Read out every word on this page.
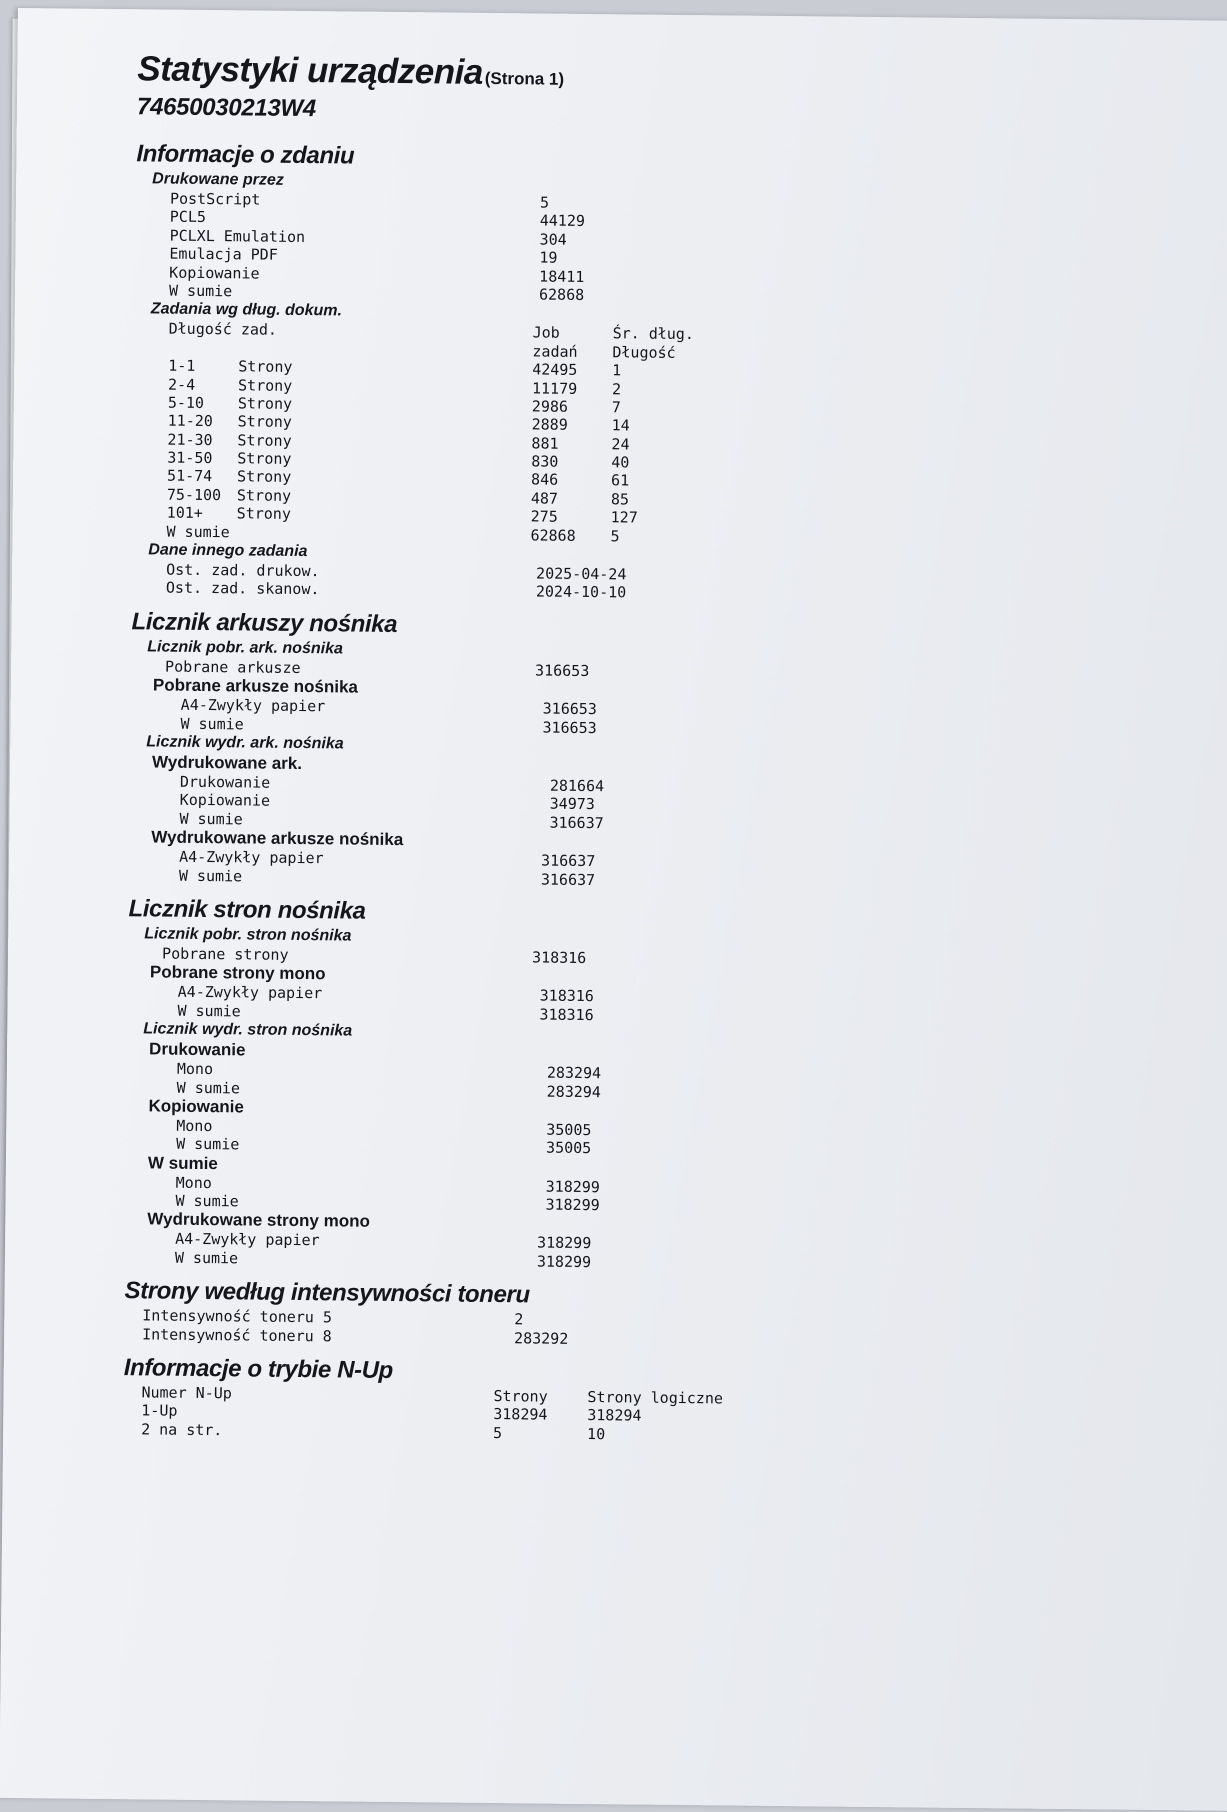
Statystyki urządzenia(Strona 1)
74650030213W4
Informacje o zdaniu
Drukowane przez
PostScript	5
PCL5	44129
PCLXL Emulation	304
Emulacja PDF	19
Kopiowanie	18411
W sumie	62868
Zadania wg dług. dokum.
Długość zad.	Job	Śr. dług.
zadań Długość
1-1	Strony	42495 1
2-4	Strony	11179 2
5-10 Strony	2986	7
11-20 Strony	2889	14
21-30 Strony	881	24
31-50 Strony	830	40
51-74 Strony	846	61
75-100 Strony	487	85
101+ Strony	275	127
W sumie	62868 5
Dane innego zadania
Ost. zad. drukow.	2025-04-24
Ost. zad. skanow.	2024-10-10
Licznik arkuszy nośnika
Licznik pobr. ark. nośnika
Pobrane arkusze	316653
Pobrane arkusze nośnika
A4-Zwykły papier	316653
W sumie	316653
Licznik wydr. ark. nośnika
Wydrukowane ark.
Drukowanie	281664
Kopiowanie	34973
W sumie	316637
Wydrukowane arkusze nośnika
A4-Zwykły papier	316637
W sumie	316637
Licznik stron nośnika
Licznik pobr. stron nośnika
Pobrane strony	318316
Pobrane strony mono
A4-Zwykły papier	318316
W sumie	318316
Licznik wydr. stron nośnika
Drukowanie
Mono	283294
W sumie	283294
Kopiowanie
Mono	35005
W sumie	35005
W sumie
Mono	318299
W sumie	318299
Wydrukowane strony mono
A4-Zwykły papier	318299
W sumie	318299
Strony według intensywności toneru
Intensywność toneru 5	2
Intensywność toneru 8	283292
Informacje o trybie N-Up
Numer N-Up	Strony	Strony logiczne
1-Up	318294	318294
2 na str.	5	10
